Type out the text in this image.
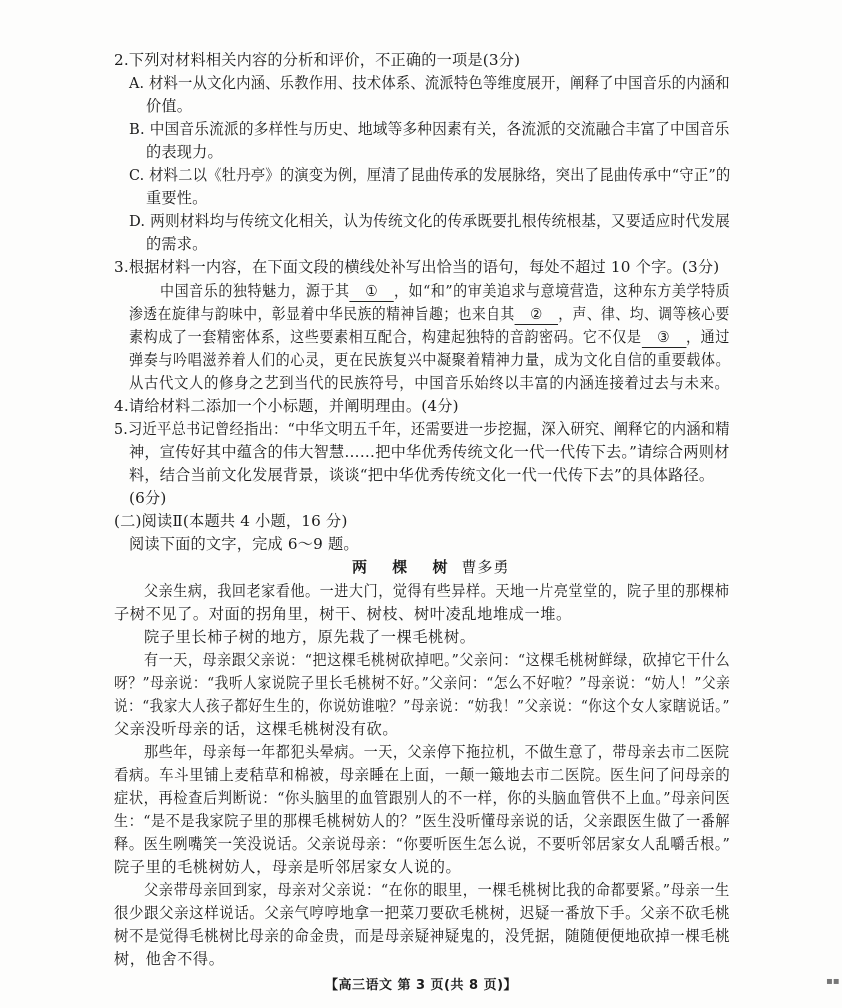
2.下列对材料相关内容的分析和评价，不正确的一项是(3分)
A. 材料一从文化内涵、乐教作用、技术体系、流派特色等维度展开，阐释了中国音乐的内涵和
价值。
B. 中国音乐流派的多样性与历史、地域等多种因素有关，各流派的交流融合丰富了中国音乐
的表现力。
C. 材料二以《牡丹亭》的演变为例，厘清了昆曲传承的发展脉络，突出了昆曲传承中“守正”的
重要性。
D. 两则材料均与传统文化相关，认为传统文化的传承既要扎根传统根基，又要适应时代发展
的需求。
3.根据材料一内容，在下面文段的横线处补写出恰当的语句，每处不超过 10 个字。(3分)
中国音乐的独特魅力，源于其 ① ，如“和”的审美追求与意境营造，这种东方美学特质
渗透在旋律与韵味中，彰显着中华民族的精神旨趣；也来自其 ② ，声、律、均、调等核心要
素构成了一套精密体系，这些要素相互配合，构建起独特的音韵密码。它不仅是 ③ ，通过
弹奏与吟唱滋养着人们的心灵，更在民族复兴中凝聚着精神力量，成为文化自信的重要载体。
从古代文人的修身之艺到当代的民族符号，中国音乐始终以丰富的内涵连接着过去与未来。
4.请给材料二添加一个小标题，并阐明理由。(4分)
5.习近平总书记曾经指出：“中华文明五千年，还需要进一步挖掘，深入研究、阐释它的内涵和精
神，宣传好其中蕴含的伟大智慧……把中华优秀传统文化一代一代传下去。”请综合两则材
料，结合当前文化发展背景，谈谈“把中华优秀传统文化一代一代传下去”的具体路径。
(6分)
(二)阅读Ⅱ(本题共 4 小题，16 分)
阅读下面的文字，完成 6～9 题。
两 棵 树 曹多勇
父亲生病，我回老家看他。一进大门，觉得有些异样。天地一片亮堂堂的，院子里的那棵柿
子树不见了。对面的拐角里，树干、树枝、树叶凌乱地堆成一堆。
院子里长柿子树的地方，原先栽了一棵毛桃树。
有一天，母亲跟父亲说：“把这棵毛桃树砍掉吧。”父亲问：“这棵毛桃树鲜绿，砍掉它干什么
呀？”母亲说：“我听人家说院子里长毛桃树不好。”父亲问：“怎么不好啦？”母亲说：“妨人！”父亲
说：“我家大人孩子都好生生的，你说妨谁啦？”母亲说：“妨我！”父亲说：“你这个女人家瞎说话。”
父亲没听母亲的话，这棵毛桃树没有砍。
那些年，母亲每一年都犯头晕病。一天，父亲停下拖拉机，不做生意了，带母亲去市二医院
看病。车斗里铺上麦秸草和棉被，母亲睡在上面，一颠一簸地去市二医院。医生问了问母亲的
症状，再检查后判断说：“你头脑里的血管跟别人的不一样，你的头脑血管供不上血。”母亲问医
生：“是不是我家院子里的那棵毛桃树妨人的？”医生没听懂母亲说的话，父亲跟医生做了一番解
释。医生咧嘴笑一笑没说话。父亲说母亲：“你要听医生怎么说，不要听邻居家女人乱嚼舌根。”
院子里的毛桃树妨人，母亲是听邻居家女人说的。
父亲带母亲回到家，母亲对父亲说：“在你的眼里，一棵毛桃树比我的命都要紧。”母亲一生
很少跟父亲这样说话。父亲气哼哼地拿一把菜刀要砍毛桃树，迟疑一番放下手。父亲不砍毛桃
树不是觉得毛桃树比母亲的命金贵，而是母亲疑神疑鬼的，没凭据，随随便便地砍掉一棵毛桃
树，他舍不得。
【高三语文 第 3 页(共 8 页)】	▪▪
